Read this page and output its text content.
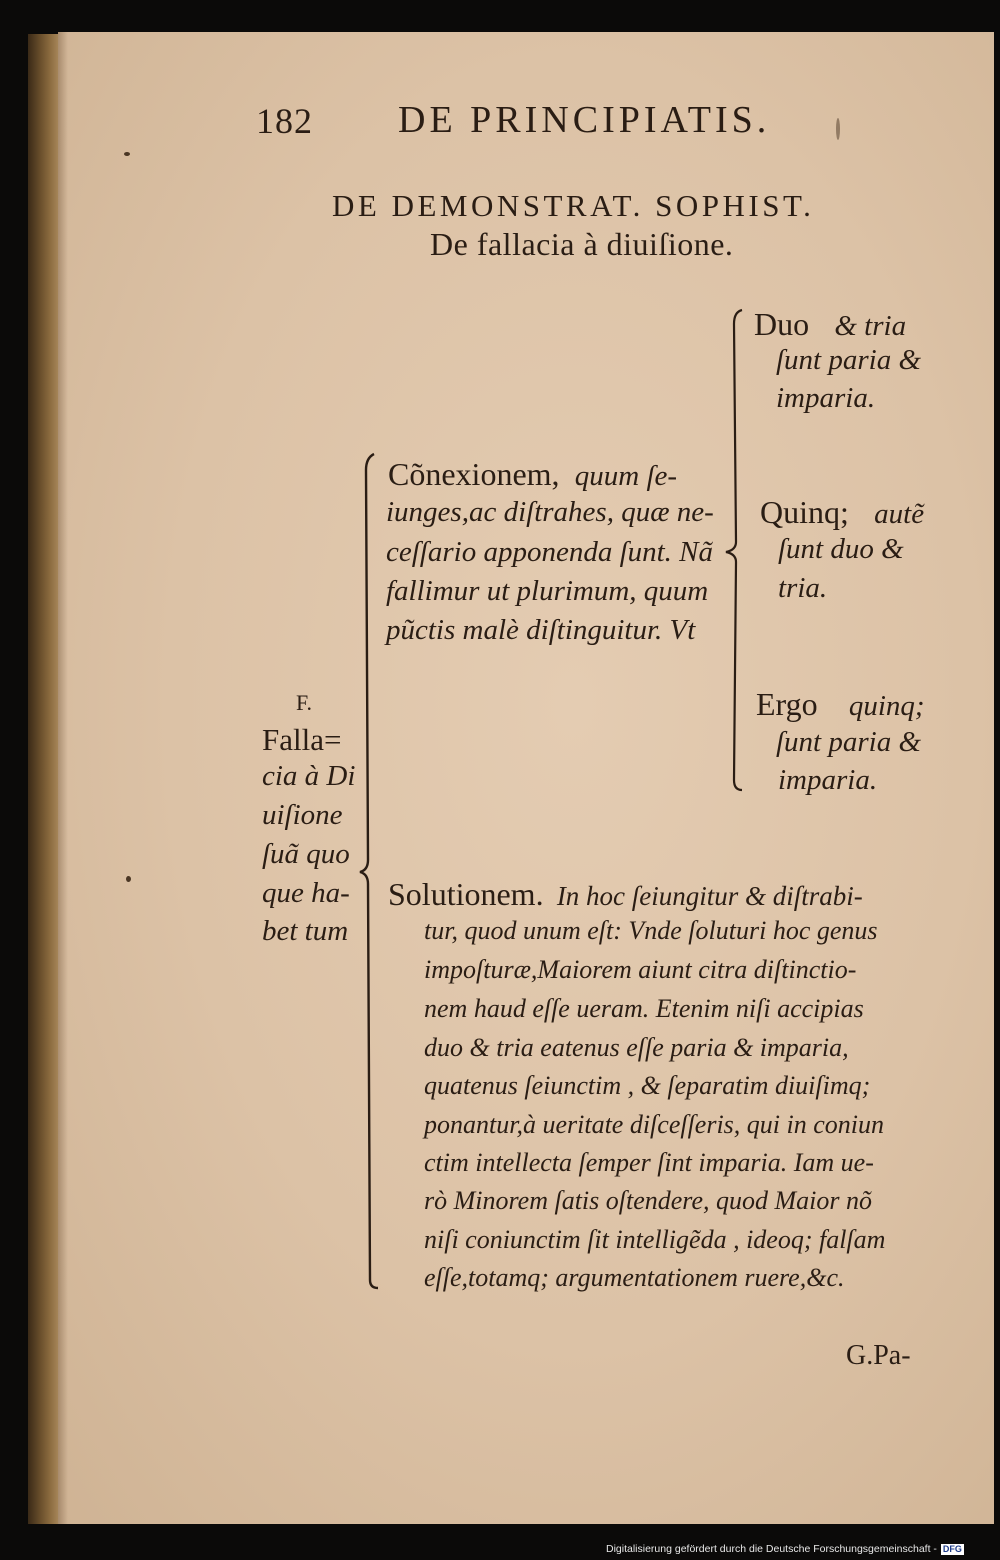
182 DE PRINCIPIATIS.
DE DEMONSTRAT. SOPHIST.
De fallacia à diuiſione.
F.
Falla=
cia à Di
uiſione
ſuã quo
que ha-
bet tum
Cõnexionem, quum ſe-
iunges,ac diſtrahes, quæ ne-
ceſſario apponenda ſunt. Nã
fallimur ut plurimum, quum
pũctis malè diſtinguitur. Vt
Duo & tria
ſunt paria &
imparia.
Quinq; autẽ
ſunt duo &
tria.
Ergo quinq;
ſunt paria &
imparia.
Solutionem. In hoc ſeiungitur & diſtrabi-
tur, quod unum eſt: Vnde ſoluturi hoc genus
impoſturæ,Maiorem aiunt citra diſtinctio-
nem haud eſſe ueram. Etenim niſi accipias
duo & tria eatenus eſſe paria & imparia,
quatenus ſeiunctim , & ſeparatim diuiſimq;
ponantur,à ueritate diſceſſeris, qui in coniun
ctim intellecta ſemper ſint imparia. Iam ue-
rò Minorem ſatis oſtendere, quod Maior nõ
niſi coniunctim ſit intelligẽda , ideoq; falſam
eſſe,totamq; argumentationem ruere,&c.
G.Pa-
Digitalisierung gefördert durch die Deutsche Forschungsgemeinschaft - DFG
